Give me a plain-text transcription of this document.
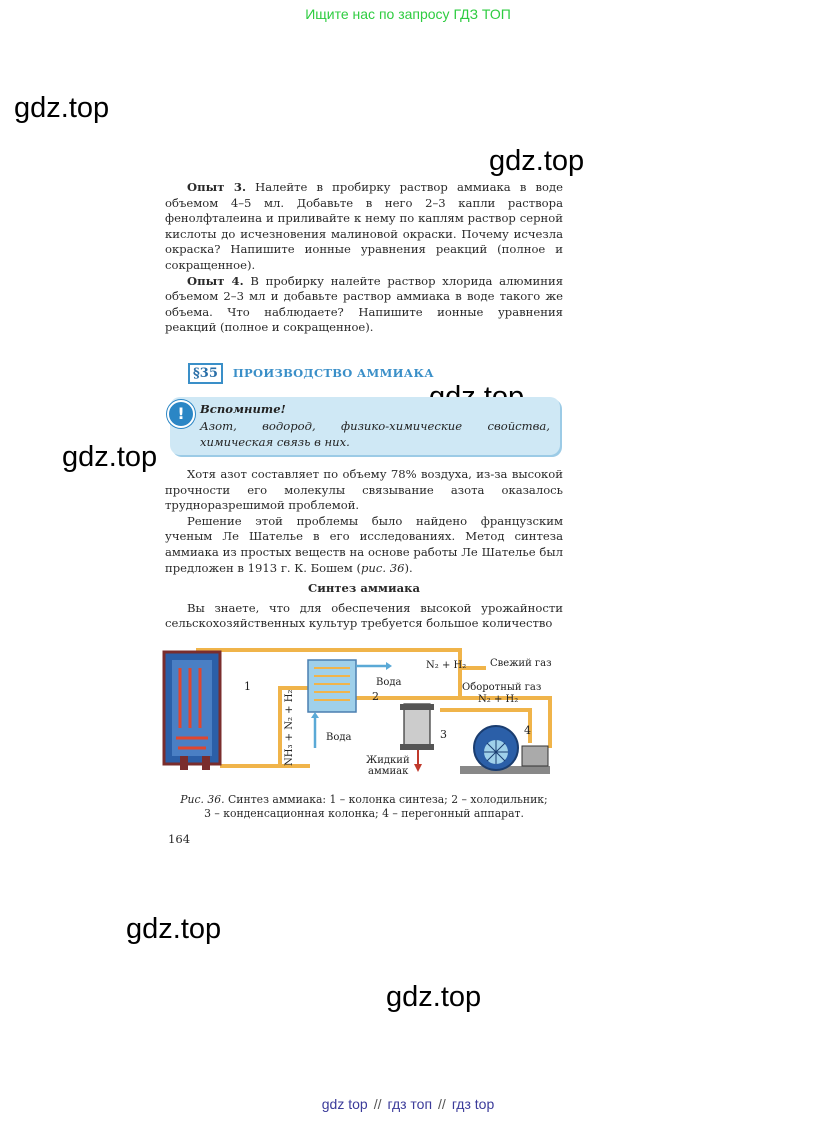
Ищите нас по запросу ГДЗ ТОП
gdz.top
gdz.top
gdz.top
gdz.top
gdz.top

Опыт 3. Налейте в пробирку раствор аммиака в воде объемом 4–5 мл. Добавьте в него 2–3 капли раствора фенолфталеина и приливайте к нему по каплям раствор серной кислоты до исчезновения малиновой окраски. Почему исчезла окраска? Напишите ионные уравнения реакций (полное и сокращенное).

Опыт 4. В пробирку налейте раствор хлорида алюминия объемом 2–3 мл и добавьте раствор аммиака в воде такого же объема. Что наблюдаете? Напишите ионные уравнения реакций (полное и сокращенное).

§35	ПРОИЗВОДСТВО АММИАКА
!	Вспомните!
Азот, водород, физико-химические свойства, химическая связь в них.

Хотя азот составляет по объему 78% воздуха, из-за высокой прочности его молекулы связывание азота оказалось трудноразрешимой проблемой.

Решение этой проблемы было найдено французским ученым Ле Шателье в его исследованиях. Метод синтеза аммиака из простых веществ на основе работы Ле Шателье был предложен в 1913 г. К. Бошем (рис. 36).

Синтез аммиака

Вы знаете, что для обеспечения высокой урожайности сельскохозяйственных культур требуется большое количество

1
2
Вода
Вода
NH₃ + N₂ + H₂
N₂ + H₂ Свежий газ
Оборотный газ
N₂ + H₂
3
Жидкий
аммиак
4
Рис. 36. Синтез аммиака: 1 – колонка синтеза; 2 – холодильник;
3 – конденсационная колонка; 4 – перегонный аппарат.
164
gdz top // гдз топ // гдз top
